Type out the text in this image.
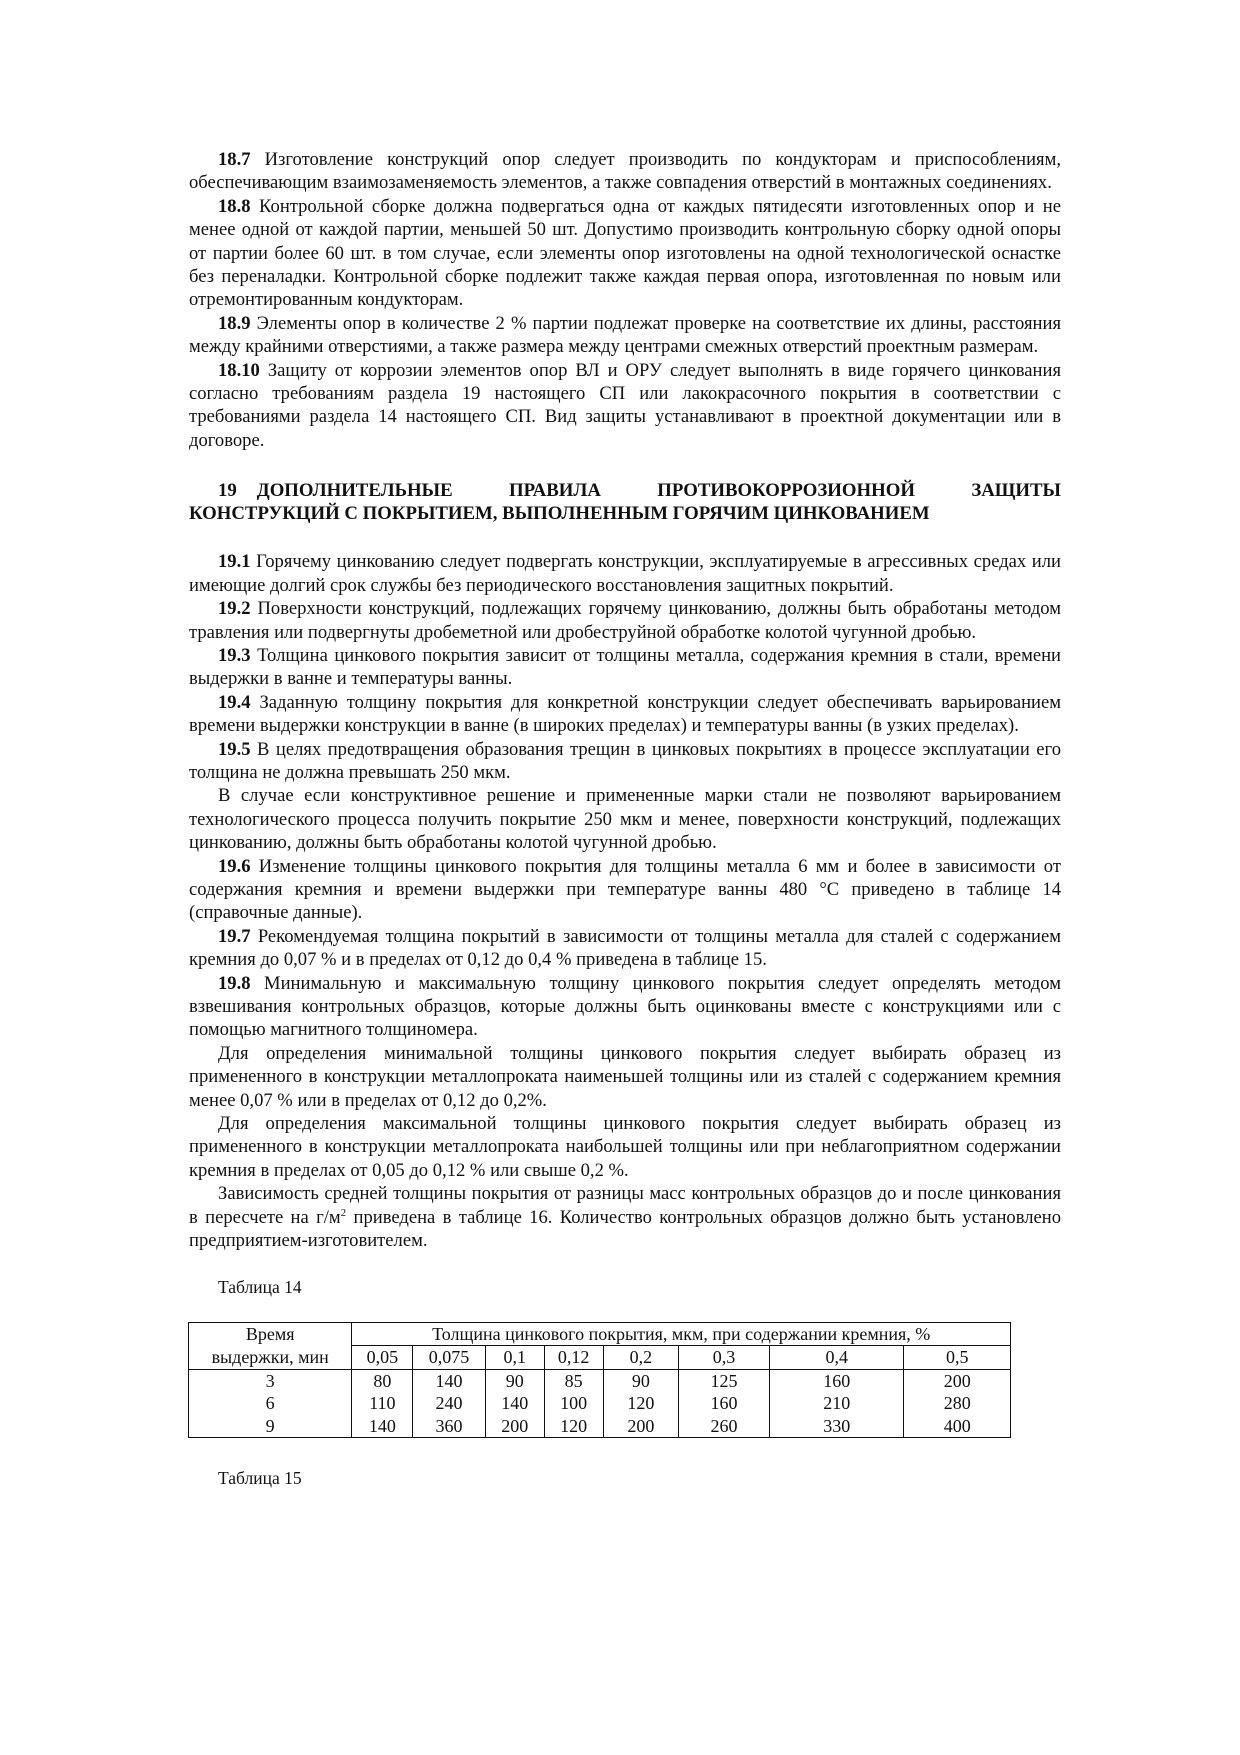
18.7 Изготовление конструкций опор следует производить по кондукторам и приспособлениям, обеспечивающим взаимозаменяемость элементов, а также совпадения отверстий в монтажных соединениях.

18.8 Контрольной сборке должна подвергаться одна от каждых пятидесяти изготовленных опор и не менее одной от каждой партии, меньшей 50 шт. Допустимо производить контрольную сборку одной опоры от партии более 60 шт. в том случае, если элементы опор изготовлены на одной технологической оснастке без переналадки. Контрольной сборке подлежит также каждая первая опора, изготовленная по новым или отремонтированным кондукторам.

18.9 Элементы опор в количестве 2 % партии подлежат проверке на соответствие их длины, расстояния между крайними отверстиями, а также размера между центрами смежных отверстий проектным размерам.

18.10 Защиту от коррозии элементов опор ВЛ и ОРУ следует выполнять в виде горячего цинкования согласно требованиям раздела 19 настоящего СП или лакокрасочного покрытия в соответствии с требованиями раздела 14 настоящего СП. Вид защиты устанавливают в проектной документации или в договоре.

19 ДОПОЛНИТЕЛЬНЫЕ ПРАВИЛА ПРОТИВОКОРРОЗИОННОЙ ЗАЩИТЫ КОНСТРУКЦИЙ С ПОКРЫТИЕМ, ВЫПОЛНЕННЫМ ГОРЯЧИМ ЦИНКОВАНИЕМ

19.1 Горячему цинкованию следует подвергать конструкции, эксплуатируемые в агрессивных средах или имеющие долгий срок службы без периодического восстановления защитных покрытий.

19.2 Поверхности конструкций, подлежащих горячему цинкованию, должны быть обработаны методом травления или подвергнуты дробеметной или дробеструйной обработке колотой чугунной дробью.

19.3 Толщина цинкового покрытия зависит от толщины металла, содержания кремния в стали, времени выдержки в ванне и температуры ванны.

19.4 Заданную толщину покрытия для конкретной конструкции следует обеспечивать варьированием времени выдержки конструкции в ванне (в широких пределах) и температуры ванны (в узких пределах).

19.5 В целях предотвращения образования трещин в цинковых покрытиях в процессе эксплуатации его толщина не должна превышать 250 мкм.

В случае если конструктивное решение и примененные марки стали не позволяют варьированием технологического процесса получить покрытие 250 мкм и менее, поверхности конструкций, подлежащих цинкованию, должны быть обработаны колотой чугунной дробью.

19.6 Изменение толщины цинкового покрытия для толщины металла 6 мм и более в зависимости от содержания кремния и времени выдержки при температуре ванны 480 °С приведено в таблице 14 (справочные данные).

19.7 Рекомендуемая толщина покрытий в зависимости от толщины металла для сталей с содержанием кремния до 0,07 % и в пределах от 0,12 до 0,4 % приведена в таблице 15.

19.8 Минимальную и максимальную толщину цинкового покрытия следует определять методом взвешивания контрольных образцов, которые должны быть оцинкованы вместе с конструкциями или с помощью магнитного толщиномера.

Для определения минимальной толщины цинкового покрытия следует выбирать образец из примененного в конструкции металлопроката наименьшей толщины или из сталей с содержанием кремния менее 0,07 % или в пределах от 0,12 до 0,2%.

Для определения максимальной толщины цинкового покрытия следует выбирать образец из примененного в конструкции металлопроката наибольшей толщины или при неблагоприятном содержании кремния в пределах от 0,05 до 0,12 % или свыше 0,2 %.

Зависимость средней толщины покрытия от разницы масс контрольных образцов до и после цинкования в пересчете на $г/м^2$ приведена в таблице 16. Количество контрольных образцов должно быть установлено предприятием-изготовителем.

Таблица 14
Время	Толщина цинкового покрытия, мкм, при содержании кремния, %							
выдержки, мин	0,05	0,075	0,1	0,12	0,2	0,3	0,4	0,5
3	80	140	90	85	90	125	160	200
6	110	240	140	100	120	160	210	280
9	140	360	200	120	200	260	330	400
Таблица 15
